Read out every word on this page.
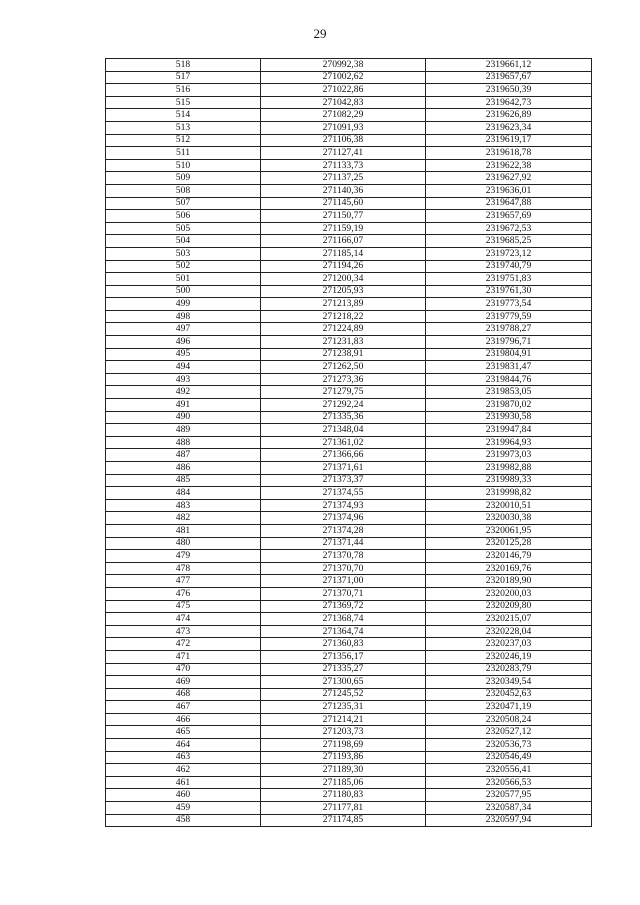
29
518	270992,38	2319661,12
517	271002,62	2319657,67
516	271022,86	2319650,39
515	271042,83	2319642,73
514	271082,29	2319626,89
513	271091,93	2319623,34
512	271106,38	2319619,17
511	271127,41	2319618,78
510	271133,73	2319622,38
509	271137,25	2319627,92
508	271140,36	2319636,01
507	271145,60	2319647,88
506	271150,77	2319657,69
505	271159,19	2319672,53
504	271166,07	2319685,25
503	271185,14	2319723,12
502	271194,26	2319740,79
501	271200,34	2319751,83
500	271205,93	2319761,30
499	271213,89	2319773,54
498	271218,22	2319779,59
497	271224,89	2319788,27
496	271231,83	2319796,71
495	271238,91	2319804,91
494	271262,50	2319831,47
493	271273,36	2319844,76
492	271279,75	2319853,05
491	271292,24	2319870,02
490	271335,36	2319930,58
489	271348,04	2319947,84
488	271361,02	2319964,93
487	271366,66	2319973,03
486	271371,61	2319982,88
485	271373,37	2319989,33
484	271374,55	2319998,82
483	271374,93	2320010,51
482	271374,96	2320030,38
481	271374,28	2320061,95
480	271371,44	2320125,28
479	271370,78	2320146,79
478	271370,70	2320169,76
477	271371,00	2320189,90
476	271370,71	2320200,03
475	271369,72	2320209,80
474	271368,74	2320215,07
473	271364,74	2320228,04
472	271360,83	2320237,03
471	271356,17	2320246,19
470	271335,27	2320283,79
469	271300,65	2320349,54
468	271245,52	2320452,63
467	271235,31	2320471,19
466	271214,21	2320508,24
465	271203,73	2320527,12
464	271198,69	2320536,73
463	271193,86	2320546,49
462	271189,30	2320556,41
461	271185,06	2320566,53
460	271180,83	2320577,95
459	271177,81	2320587,34
458	271174,85	2320597,94
